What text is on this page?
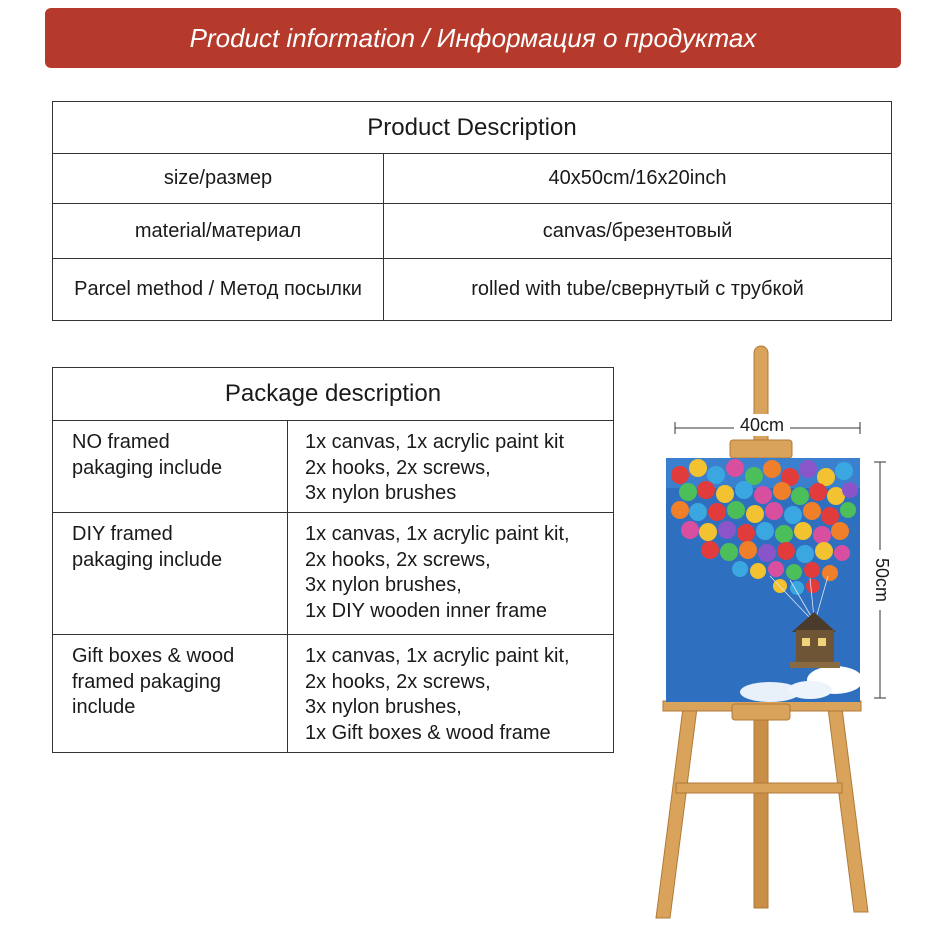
Product information / Информация о продуктах
Product Description	
size/размер	40x50cm/16x20inch
material/материал	canvas/брезентовый
Parcel method / Метод посылки	rolled with tube/свернутый с трубкой
Package description	

NO framed
pakaging include	1x canvas, 1x acrylic paint kit
2x hooks, 2x screws,
3x nylon brushes

DIY framed
pakaging include	1x canvas, 1x acrylic paint kit,
2x hooks, 2x screws,
3x nylon brushes,
1x DIY wooden inner frame

Gift boxes & wood
framed pakaging
include	1x canvas, 1x acrylic paint kit,
2x hooks, 2x screws,
3x nylon brushes,
1x Gift boxes & wood frame
40cm
50cm
